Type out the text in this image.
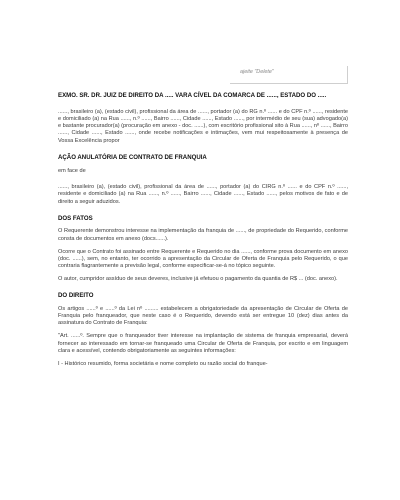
ajeite "Delete"

EXMO. SR. DR. JUIZ DE DIREITO DA ..... VARA CÍVEL DA COMARCA DE ......, ESTADO DO .....

......, brasileiro (a), (estado civil), profissional da área de ......, portador (a) do RG n.º ...... e do CPF n.º ......, residente e domiciliado (a) na Rua ......, n.º ......, Bairro ......, Cidade ......, Estado ......, por intermédio de seu (sua) advogado(a) e bastante procurador(a) (procuração em anexo - doc. ......), com escritório profissional sito à Rua ......, nº ......, Bairro ......, Cidade ......, Estado ......, onde recebe notificações e intimações, vem mui respeitosamente à presença de Vossa Excelência propor

AÇÃO ANULATÓRIA DE CONTRATO DE FRANQUIA

em face de

......, brasileiro (a), (estado civil), profissional da área de ......, portador (a) do CIRG n.º ...... e do CPF n.º ......, residente e domiciliado (a) na Rua ......, n.º ......, Bairro ......, Cidade ......, Estado ......, pelos motivos de fato e de direito a seguir aduzidos.

DOS FATOS

O Requerente demonstrou interesse na implementação da franquia de ......, de propriedade do Requerido, conforme consta de documentos em anexo (docs......).

Ocorre que o Contrato foi assinado entre Requerente e Requerido no dia ......, conforme prova documento em anexo (doc. ......), sem, no entanto, ter ocorrido a apresentação da Circular de Oferta de Franquia pelo Requerido, o que contraria flagrantemente a previsão legal, conforme especificar-se-á no tópico seguinte.

O autor, cumpridor assíduo de seus deveres, inclusive já efetuou o pagamento da quantia de R$ ... (doc. anexo).

DO DIREITO

Os artigos ......º e ......º da Lei nº ......... estabelecem a obrigatoriedade da apresentação de Circular de Oferta de Franquia pelo franqueador, que neste caso é o Requerido, devendo está ser entregue 10 (dez) dias antes da assinatura do Contrato de Franquia:

"Art. ......º. Sempre que o franqueador tiver interesse na implantação de sistema de franquia empresarial, deverá fornecer ao interessado em tornar-se franqueado uma Circular de Oferta de Franquia, por escrito e em linguagem clara e acessível, contendo obrigatoriamente as seguintes informações:

I - Histórico resumido, forma societária e nome completo ou razão social do franque-
